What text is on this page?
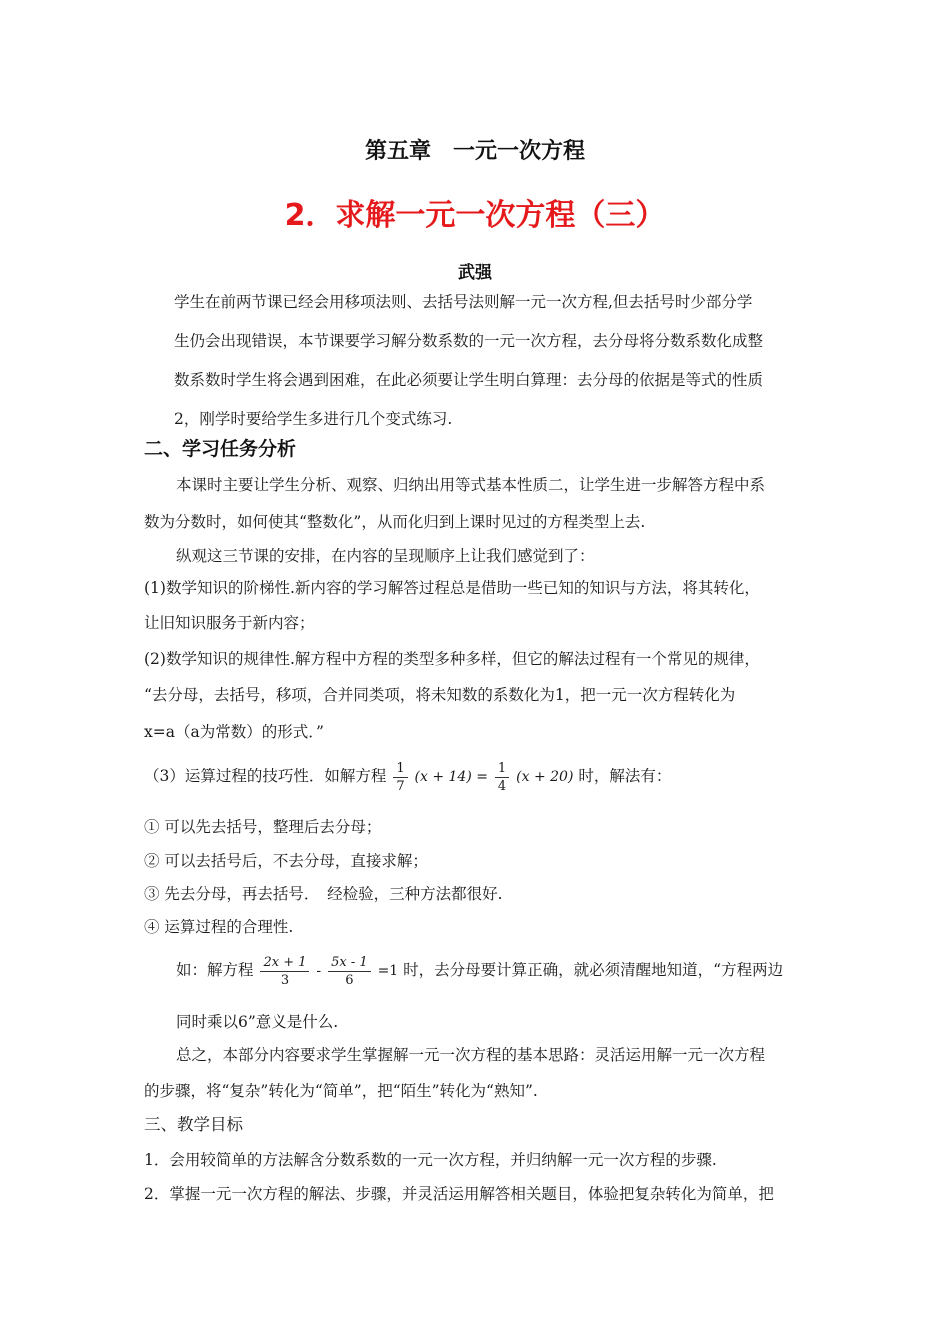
第五章　一元一次方程
2．求解一元一次方程（三）
武强
学生在前两节课已经会用移项法则、去括号法则解一元一次方程,但去括号时少部分学
生仍会出现错误，本节课要学习解分数系数的一元一次方程，去分母将分数系数化成整
数系数时学生将会遇到困难，在此必须要让学生明白算理：去分母的依据是等式的性质
2，刚学时要给学生多进行几个变式练习.
二、学习任务分析
本课时主要让学生分析、观察、归纳出用等式基本性质二，让学生进一步解答方程中系
数为分数时，如何使其“整数化”，从而化归到上课时见过的方程类型上去.
纵观这三节课的安排，在内容的呈现顺序上让我们感觉到了：
(1)数学知识的阶梯性.新内容的学习解答过程总是借助一些已知的知识与方法，将其转化，
让旧知识服务于新内容；
(2)数学知识的规律性.解方程中方程的类型多种多样，但它的解法过程有一个常见的规律，
“去分母，去括号，移项，合并同类项，将未知数的系数化为1，把一元一次方程转化为
x=a（a为常数）的形式．”
（3）运算过程的技巧性．如解方程 $\frac{1}{7} (x + 14) = \frac{1}{4} (x + 20)$ 时，解法有：
① 可以先去括号，整理后去分母；
② 可以去括号后，不去分母，直接求解；
③ 先去分母，再去括号．　经检验，三种方法都很好.
④ 运算过程的合理性.
如：解方程 $\frac{2x + 1}{3} - \frac{5x - 1}{6} =1$ 时，去分母要计算正确，就必须清醒地知道，“方程两边
同时乘以6”意义是什么.
总之，本部分内容要求学生掌握解一元一次方程的基本思路：灵活运用解一元一次方程
的步骤，将“复杂”转化为“简单”，把“陌生”转化为“熟知”.
三、教学目标
1．会用较简单的方法解含分数系数的一元一次方程，并归纳解一元一次方程的步骤.
2．掌握一元一次方程的解法、步骤，并灵活运用解答相关题目，体验把复杂转化为简单，把
